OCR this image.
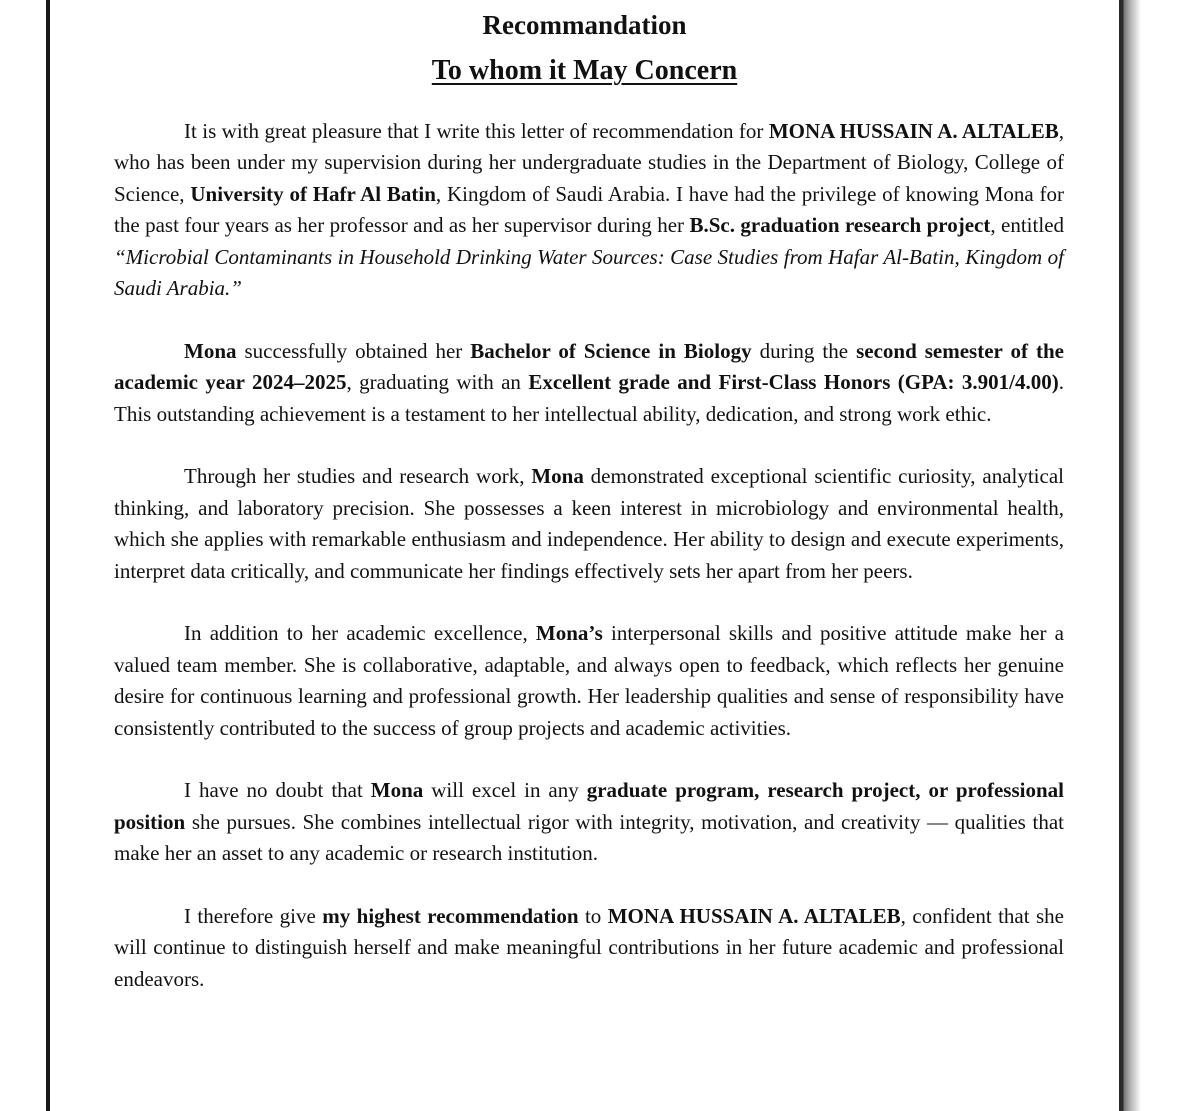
Recommandation
To whom it May Concern

It is with great pleasure that I write this letter of recommendation for MONA HUSSAIN A. ALTALEB, who has been under my supervision during her undergraduate studies in the Department of Biology, College of Science, University of Hafr Al Batin, Kingdom of Saudi Arabia. I have had the privilege of knowing Mona for the past four years as her professor and as her supervisor during her B.Sc. graduation research project, entitled “Microbial Contaminants in Household Drinking Water Sources: Case Studies from Hafar Al-Batin, Kingdom of Saudi Arabia.”

Mona successfully obtained her Bachelor of Science in Biology during the second semester of the academic year 2024–2025, graduating with an Excellent grade and First-Class Honors (GPA: 3.901/4.00). This outstanding achievement is a testament to her intellectual ability, dedication, and strong work ethic.

Through her studies and research work, Mona demonstrated exceptional scientific curiosity, analytical thinking, and laboratory precision. She possesses a keen interest in microbiology and environmental health, which she applies with remarkable enthusiasm and independence. Her ability to design and execute experiments, interpret data critically, and communicate her findings effectively sets her apart from her peers.

In addition to her academic excellence, Mona’s interpersonal skills and positive attitude make her a valued team member. She is collaborative, adaptable, and always open to feedback, which reflects her genuine desire for continuous learning and professional growth. Her leadership qualities and sense of responsibility have consistently contributed to the success of group projects and academic activities.

I have no doubt that Mona will excel in any graduate program, research project, or professional position she pursues. She combines intellectual rigor with integrity, motivation, and creativity — qualities that make her an asset to any academic or research institution.

I therefore give my highest recommendation to MONA HUSSAIN A. ALTALEB, confident that she will continue to distinguish herself and make meaningful contributions in her future academic and professional endeavors.
